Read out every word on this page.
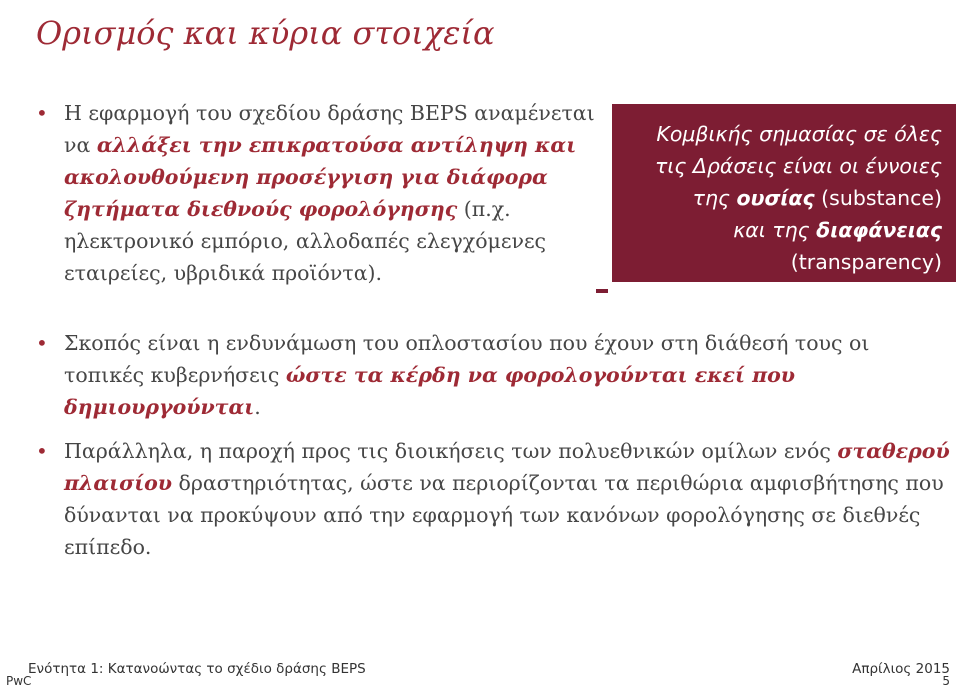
Ορισμός και κύρια στοιχεία
• Η εφαρμογή του σχεδίου δράσης BEPS αναμένεται να αλλάξει την επικρατούσα αντίληψη και ακολουθούμενη προσέγγιση για διάφορα ζητήματα διεθνούς φορολόγησης (π.χ. ηλεκτρονικό εμπόριο, αλλοδαπές ελεγχόμενες εταιρείες, υβριδικά προϊόντα).
Κομβικής σημασίας σε όλες
τις Δράσεις είναι οι έννοιες
της ουσίας (substance)
και της διαφάνειας
(transparency)
• Σκοπός είναι η ενδυνάμωση του οπλοστασίου που έχουν στη διάθεσή τους οι τοπικές κυβερνήσεις ώστε τα κέρδη να φορολογούνται εκεί που δημιουργούνται.
• Παράλληλα, η παροχή προς τις διοικήσεις των πολυεθνικών ομίλων ενός σταθερού πλαισίου δραστηριότητας, ώστε να περιορίζονται τα περιθώρια αμφισβήτησης που δύνανται να προκύψουν από την εφαρμογή των κανόνων φορολόγησης σε διεθνές επίπεδο.
Ενότητα 1: Κατανοώντας το σχέδιο δράσης BEPS	Απρίλιος 2015
PwC	5
